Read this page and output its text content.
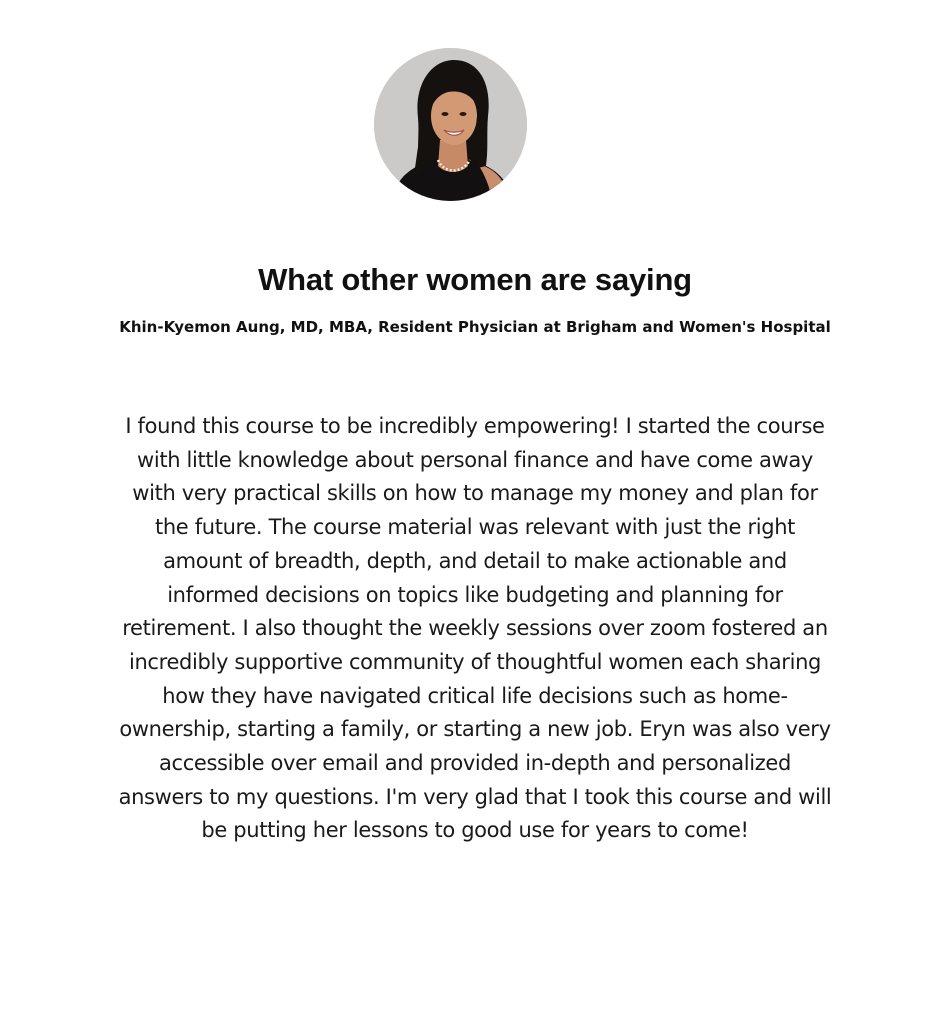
What other women are saying

Khin-Kyemon Aung, MD, MBA, Resident Physician at Brigham and Women's Hospital

I found this course to be incredibly empowering! I started the course with little knowledge about personal finance and have come away with very practical skills on how to manage my money and plan for the future. The course material was relevant with just the right amount of breadth, depth, and detail to make actionable and informed decisions on topics like budgeting and planning for retirement. I also thought the weekly sessions over zoom fostered an incredibly supportive community of thoughtful women each sharing how they have navigated critical life decisions such as home-ownership, starting a family, or starting a new job. Eryn was also very accessible over email and provided in-depth and personalized answers to my questions. I'm very glad that I took this course and will be putting her lessons to good use for years to come!
